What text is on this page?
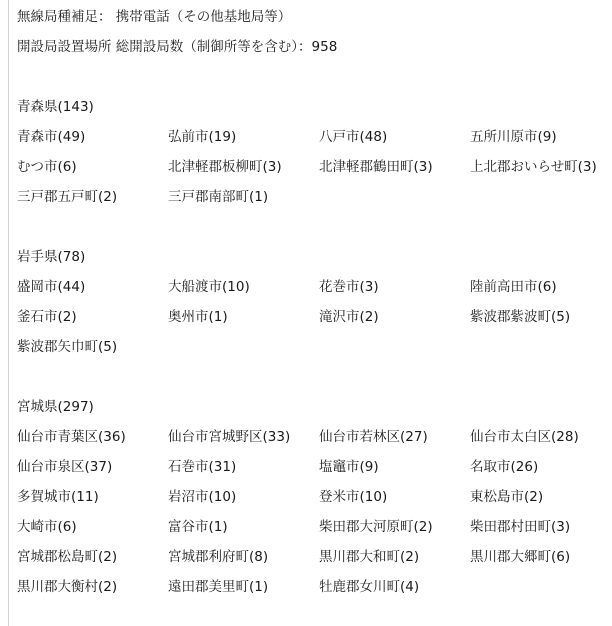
無線局種補足： 携帯電話（その他基地局等）
開設局設置場所 総開設局数（制御所等を含む）：958
青森県(143)
青森市(49)	弘前市(19)	八戸市(48)	五所川原市(9)
むつ市(6)	北津軽郡板柳町(3)	北津軽郡鶴田町(3)	上北郡おいらせ町(3)
三戸郡五戸町(2)	三戸郡南部町(1)
岩手県(78)
盛岡市(44)	大船渡市(10)	花巻市(3)	陸前高田市(6)
釜石市(2)	奥州市(1)	滝沢市(2)	紫波郡紫波町(5)
紫波郡矢巾町(5)
宮城県(297)
仙台市青葉区(36)	仙台市宮城野区(33)	仙台市若林区(27)	仙台市太白区(28)
仙台市泉区(37)	石巻市(31)	塩竈市(9)	名取市(26)
多賀城市(11)	岩沼市(10)	登米市(10)	東松島市(2)
大崎市(6)	富谷市(1)	柴田郡大河原町(2)	柴田郡村田町(3)
宮城郡松島町(2)	宮城郡利府町(8)	黒川郡大和町(2)	黒川郡大郷町(6)
黒川郡大衡村(2)	遠田郡美里町(1)	牡鹿郡女川町(4)
